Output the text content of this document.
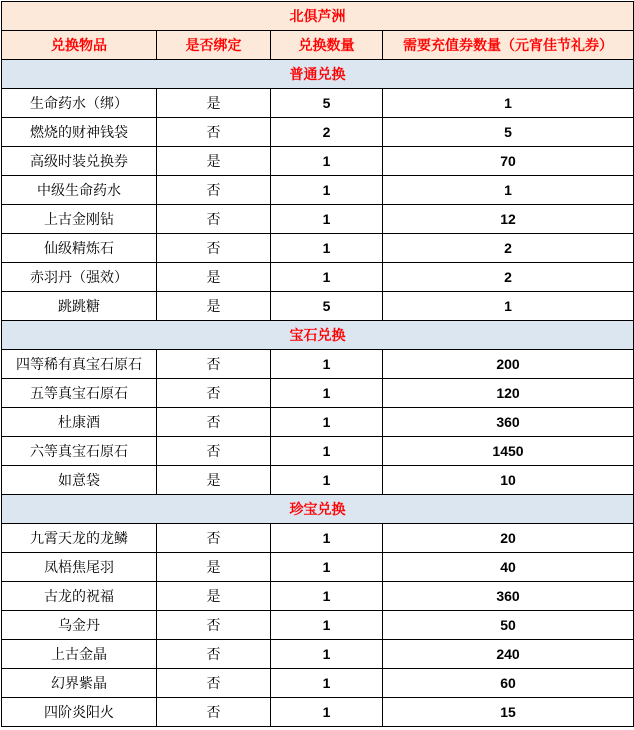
北俱芦洲			
兑换物品	是否绑定	兑换数量	需要充值券数量（元宵佳节礼券）
普通兑换			
生命药水（绑）	是	5	1
燃烧的财神钱袋	否	2	5
高级时装兑换券	是	1	70
中级生命药水	否	1	1
上古金刚钻	否	1	12
仙级精炼石	否	1	2
赤羽丹（强效）	是	1	2
跳跳糖	是	5	1
宝石兑换			
四等稀有真宝石原石	否	1	200
五等真宝石原石	否	1	120
杜康酒	否	1	360
六等真宝石原石	否	1	1450
如意袋	是	1	10
珍宝兑换			
九霄天龙的龙鳞	否	1	20
凤梧焦尾羽	是	1	40
古龙的祝福	是	1	360
乌金丹	否	1	50
上古金晶	否	1	240
幻界紫晶	否	1	60
四阶炎阳火	否	1	15
